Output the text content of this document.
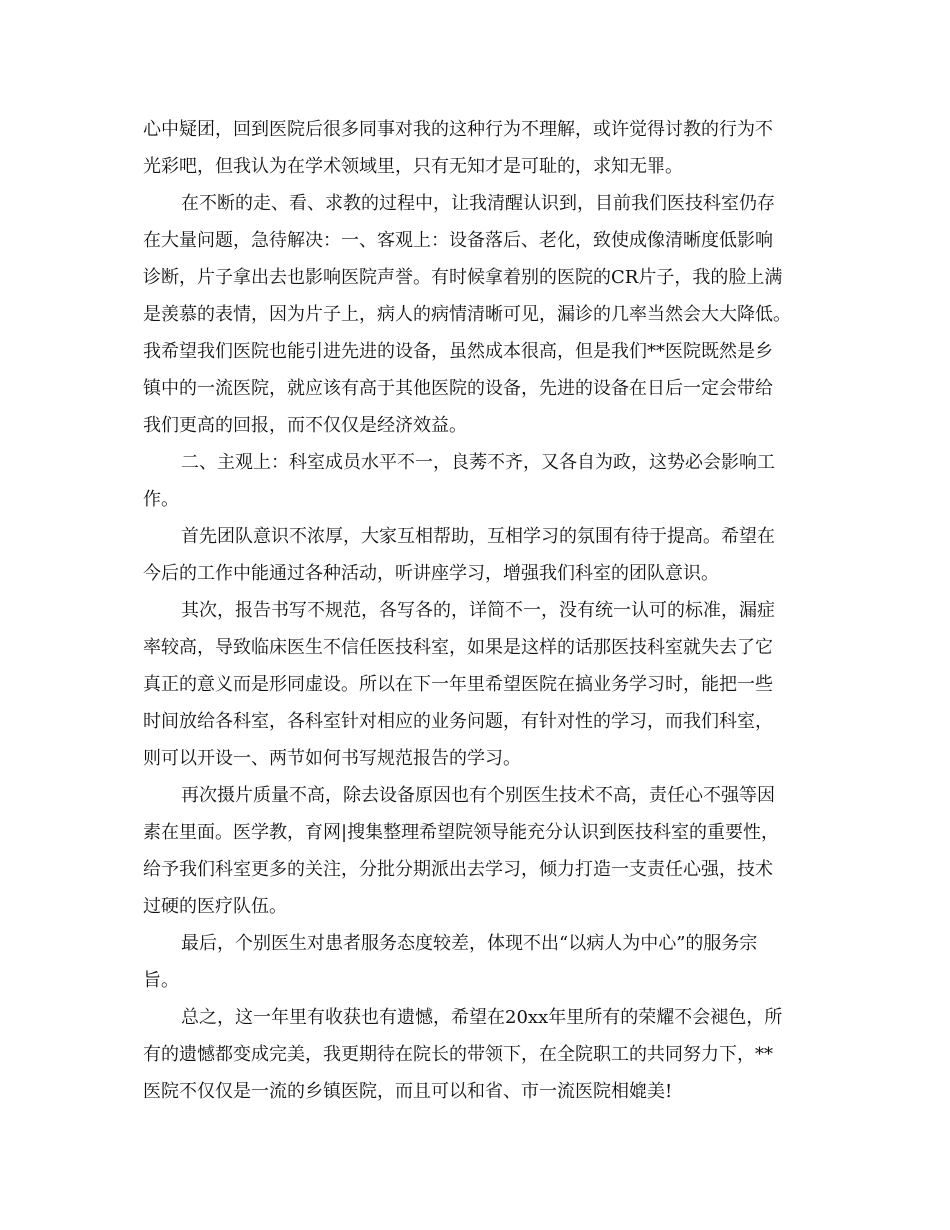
心中疑团，回到医院后很多同事对我的这种行为不理解，或许觉得讨教的行为不
光彩吧，但我认为在学术领域里，只有无知才是可耻的，求知无罪。
在不断的走、看、求教的过程中，让我清醒认识到，目前我们医技科室仍存
在大量问题，急待解决：一、客观上：设备落后、老化，致使成像清晰度低影响
诊断，片子拿出去也影响医院声誉。有时候拿着别的医院的CR片子，我的脸上满
是羡慕的表情，因为片子上，病人的病情清晰可见，漏诊的几率当然会大大降低。
我希望我们医院也能引进先进的设备，虽然成本很高，但是我们**医院既然是乡
镇中的一流医院，就应该有高于其他医院的设备，先进的设备在日后一定会带给
我们更高的回报，而不仅仅是经济效益。
二、主观上：科室成员水平不一，良莠不齐，又各自为政，这势必会影响工
作。
首先团队意识不浓厚，大家互相帮助，互相学习的氛围有待于提高。希望在
今后的工作中能通过各种活动，听讲座学习，增强我们科室的团队意识。
其次，报告书写不规范，各写各的，详简不一，没有统一认可的标准，漏症
率较高，导致临床医生不信任医技科室，如果是这样的话那医技科室就失去了它
真正的意义而是形同虚设。所以在下一年里希望医院在搞业务学习时，能把一些
时间放给各科室，各科室针对相应的业务问题，有针对性的学习，而我们科室，
则可以开设一、两节如何书写规范报告的学习。
再次摄片质量不高，除去设备原因也有个别医生技术不高，责任心不强等因
素在里面。医学教，育网|搜集整理希望院领导能充分认识到医技科室的重要性，
给予我们科室更多的关注，分批分期派出去学习，倾力打造一支责任心强，技术
过硬的医疗队伍。
最后，个别医生对患者服务态度较差，体现不出“以病人为中心”的服务宗
旨。
总之，这一年里有收获也有遗憾，希望在20xx年里所有的荣耀不会褪色，所
有的遗憾都变成完美，我更期待在院长的带领下，在全院职工的共同努力下，**
医院不仅仅是一流的乡镇医院，而且可以和省、市一流医院相媲美!
